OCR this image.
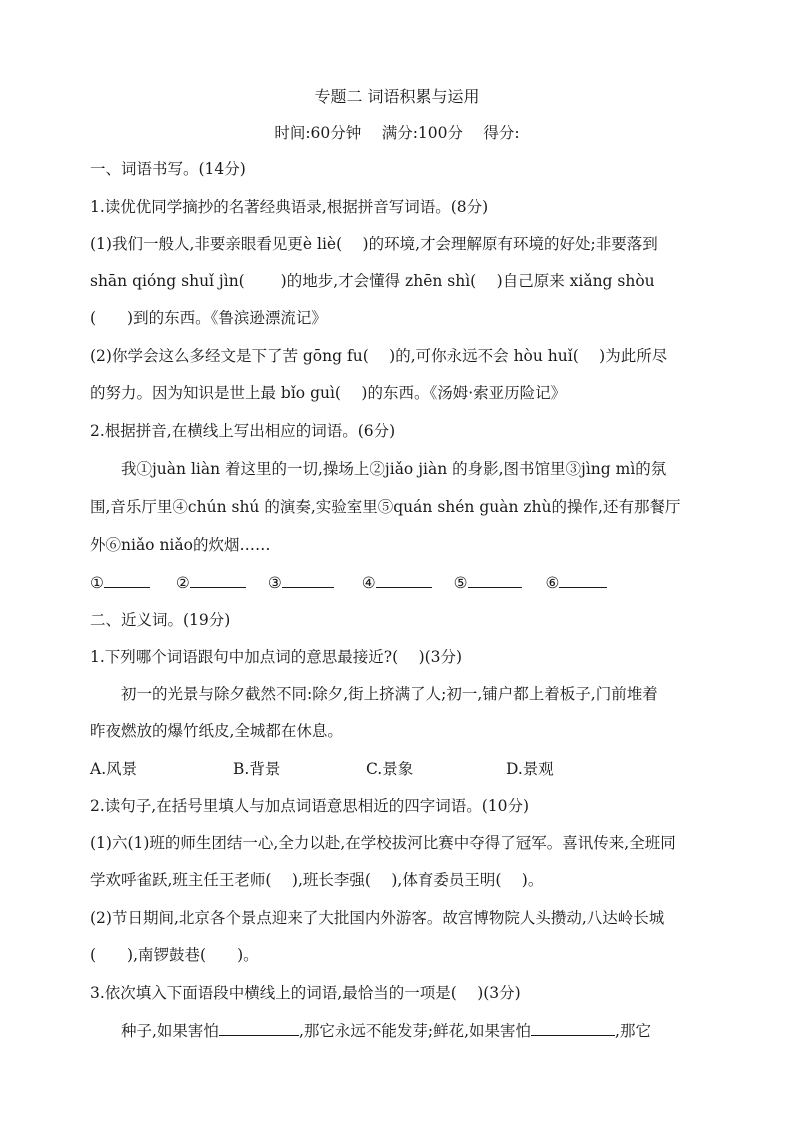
专题二 词语积累与运用
时间:60分钟　 满分:100分　 得分:
一、词语书写。(14分)
1.读优优同学摘抄的名著经典语录,根据拼音写词语。(8分)
(1)我们一般人,非要亲眼看见更è liè(　 )的环境,才会理解原有环境的好处;非要落到
shān qióng shuǐ jìn(　　 )的地步,才会懂得 zhēn shì(　 )自己原来 xiǎng shòu
(　　)到的东西。《鲁滨逊漂流记》
(2)你学会这么多经文是下了苦 gōng fu(　 )的,可你永远不会 hòu huǐ(　 )为此所尽
的努力。因为知识是世上最 bǐo guì(　 )的东西。《汤姆·索亚历险记》
2.根据拼音,在横线上写出相应的词语。(6分)
我①juàn liàn 着这里的一切,操场上②jiǎo jiàn 的身影,图书馆里③jìng mì的氛
围,音乐厅里④chún shú 的演奏,实验室里⑤quán shén guàn zhù的操作,还有那餐厅
外⑥niǎo niǎo的炊烟……
①	②	③	④	⑤	⑥
二、近义词。(19分)
1.下列哪个词语跟句中加点词的意思最接近?(　 )(3分)
初一的光景与除夕截然不同:除夕,街上挤满了人;初一,铺户都上着板子,门前堆着
昨夜燃放的爆竹纸皮,全城都在休息。
A.风景	B.背景	C.景象	D.景观
2.读句子,在括号里填人与加点词语意思相近的四字词语。(10分)
(1)六(1)班的师生团结一心,全力以赴,在学校拔河比赛中夺得了冠军。喜讯传来,全班同
学欢呼雀跃,班主任王老师(　 ),班长李强(　 ),体育委员王明(　 )。
(2)节日期间,北京各个景点迎来了大批国内外游客。故宫博物院人头攒动,八达岭长城
(　　),南锣鼓巷(　　)。
3.依次填入下面语段中横线上的词语,最恰当的一项是(　 )(3分)
种子,如果害怕	,那它永远不能发芽;鲜花,如果害怕	,那它
